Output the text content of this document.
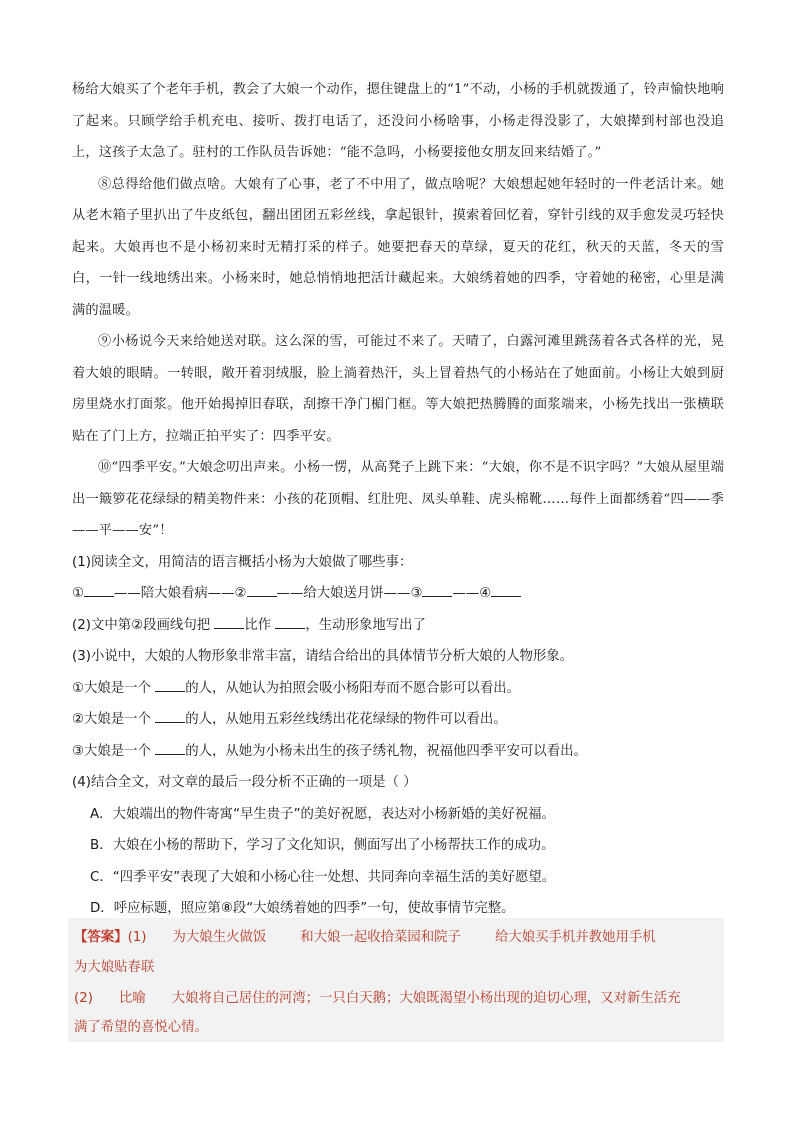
杨给大娘买了个老年手机，教会了大娘一个动作，摁住键盘上的“1”不动，小杨的手机就拨通了，铃声愉快地响了起来。只顾学给手机充电、接听、拨打电话了，还没问小杨啥事，小杨走得没影了，大娘撵到村部也没追上，这孩子太急了。驻村的工作队员告诉她：“能不急吗，小杨要接他女朋友回来结婚了。”

⑧总得给他们做点啥。大娘有了心事，老了不中用了，做点啥呢？大娘想起她年轻时的一件老活计来。她从老木箱子里扒出了牛皮纸包，翻出团团五彩丝线，拿起银针，摸索着回忆着，穿针引线的双手愈发灵巧轻快起来。大娘再也不是小杨初来时无精打采的样子。她要把春天的草绿，夏天的花红，秋天的天蓝，冬天的雪白，一针一线地绣出来。小杨来时，她总悄悄地把活计藏起来。大娘绣着她的四季，守着她的秘密，心里是满满的温暖。

⑨小杨说今天来给她送对联。这么深的雪，可能过不来了。天晴了，白露河滩里跳荡着各式各样的光，晃着大娘的眼睛。一转眼，敞开着羽绒服，脸上淌着热汗，头上冒着热气的小杨站在了她面前。小杨让大娘到厨房里烧水打面浆。他开始揭掉旧春联，刮擦干净门楣门框。等大娘把热腾腾的面浆端来，小杨先找出一张横联贴在了门上方，拉端正拍平实了：四季平安。

⑩“四季平安。”大娘念叨出声来。小杨一愣，从高凳子上跳下来：“大娘，你不是不识字吗？”大娘从屋里端出一簸箩花花绿绿的精美物件来：小孩的花顶帽、红肚兜、凤头单鞋、虎头棉靴……每件上面都绣着“四——季——平——安”！

(1)阅读全文，用简洁的语言概括小杨为大娘做了哪些事：

① ——陪大娘看病——② ——给大娘送月饼——③ ——④

(2)文中第②段画线句把 比作 ，生动形象地写出了

(3)小说中，大娘的人物形象非常丰富，请结合给出的具体情节分析大娘的人物形象。

①大娘是一个 的人，从她认为拍照会吸小杨阳寿而不愿合影可以看出。

②大娘是一个 的人，从她用五彩丝线绣出花花绿绿的物件可以看出。

③大娘是一个 的人，从她为小杨未出生的孩子绣礼物，祝福他四季平安可以看出。

(4)结合全文，对文章的最后一段分析不正确的一项是（ ）

A．大娘端出的物件寄寓“早生贵子”的美好祝愿，表达对小杨新婚的美好祝福。

B．大娘在小杨的帮助下，学习了文化知识，侧面写出了小杨帮扶工作的成功。

C．“四季平安”表现了大娘和小杨心往一处想、共同奔向幸福生活的美好愿望。

D．呼应标题，照应第⑧段“大娘绣着她的四季”一句，使故事情节完整。

【答案】(1) 为大娘生火做饭	和大娘一起收拾菜园和院子	给大娘买手机并教她用手机
为大娘贴春联
(2) 比喻 大娘将自己居住的河湾；一只白天鹅；大娘既渴望小杨出现的迫切心理，又对新生活充
满了希望的喜悦心情。
